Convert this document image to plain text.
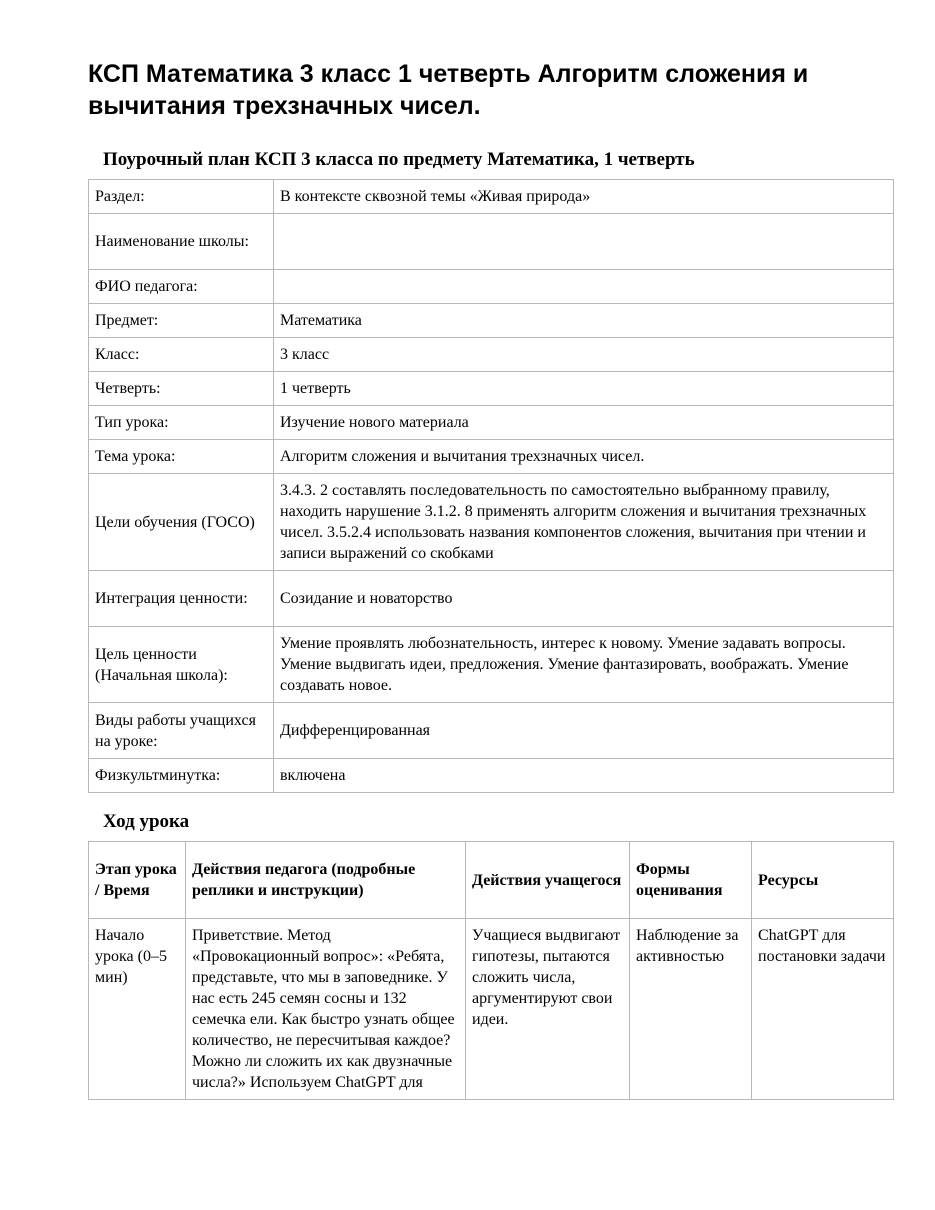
КСП Математика 3 класс 1 четверть Алгоритм сложения и вычитания трехзначных чисел.
Поурочный план КСП 3 класса по предмету Математика, 1 четверть
Раздел:	В контексте сквозной темы «Живая природа»
Наименование школы:	
ФИО педагога:	
Предмет:	Математика
Класс:	3 класс
Четверть:	1 четверть
Тип урока:	Изучение нового материала
Тема урока:	Алгоритм сложения и вычитания трехзначных чисел.
Цели обучения (ГОСО)	3.4.3. 2 составлять последовательность по самостоятельно выбранному правилу, находить нарушение 3.1.2. 8 применять алгоритм сложения и вычитания трехзначных чисел. 3.5.2.4 использовать названия компонентов сложения, вычитания при чтении и записи выражений со скобками
Интеграция ценности:	Созидание и новаторство
Цель ценности (Начальная школа):	Умение проявлять любознательность, интерес к новому. Умение задавать вопросы. Умение выдвигать идеи, предложения. Умение фантазировать, воображать. Умение создавать новое.
Виды работы учащихся на уроке:	Дифференцированная
Физкультминутка:	включена
Ход урока
Этап урока / Время	Действия педагога (подробные реплики и инструкции)	Действия учащегося	Формы оценивания	Ресурсы
Начало урока (0–5 мин)	Приветствие. Метод «Провокационный вопрос»: «Ребята, представьте, что мы в заповеднике. У нас есть 245 семян сосны и 132 семечка ели. Как быстро узнать общее количество, не пересчитывая каждое? Можно ли сложить их как двузначные числа?» Используем ChatGPT для	Учащиеся выдвигают гипотезы, пытаются сложить числа, аргументируют свои идеи.	Наблюдение за активностью	ChatGPT для постановки задачи
